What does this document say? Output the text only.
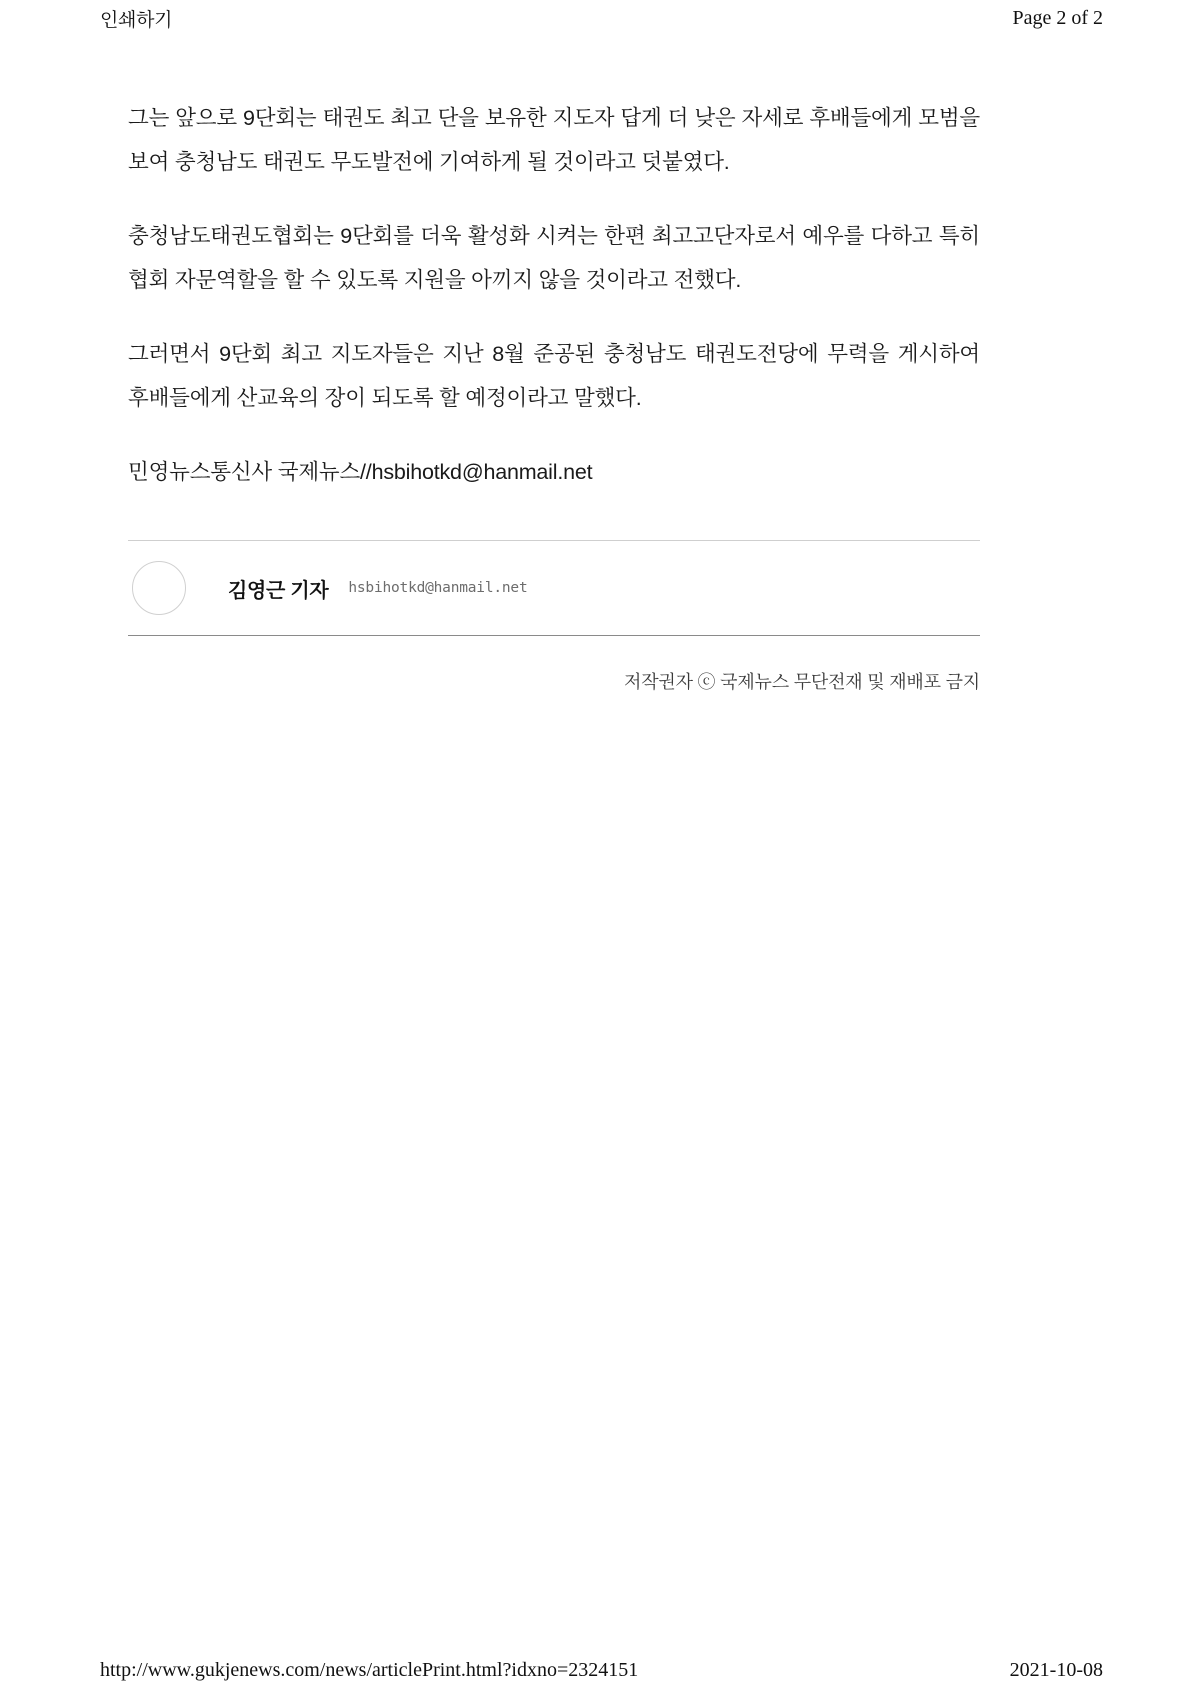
인쇄하기	Page 2 of 2

그는 앞으로 9단회는 태권도 최고 단을 보유한 지도자 답게 더 낮은 자세로 후배들에게 모범을 보여 충청남도 태권도 무도발전에 기여하게 될 것이라고 덧붙였다.

충청남도태권도협회는 9단회를 더욱 활성화 시켜는 한편 최고고단자로서 예우를 다하고 특히 협회 자문역할을 할 수 있도록 지원을 아끼지 않을 것이라고 전했다.

그러면서 9단회 최고 지도자들은 지난 8월 준공된 충청남도 태권도전당에 무력을 게시하여 후배들에게 산교육의 장이 되도록 할 예정이라고 말했다.

민영뉴스통신사 국제뉴스//hsbihotkd@hanmail.net

김영근 기자 hsbihotkd@hanmail.net
저작권자 ⓒ 국제뉴스 무단전재 및 재배포 금지
http://www.gukjenews.com/news/articlePrint.html?idxno=2324151	2021-10-08
